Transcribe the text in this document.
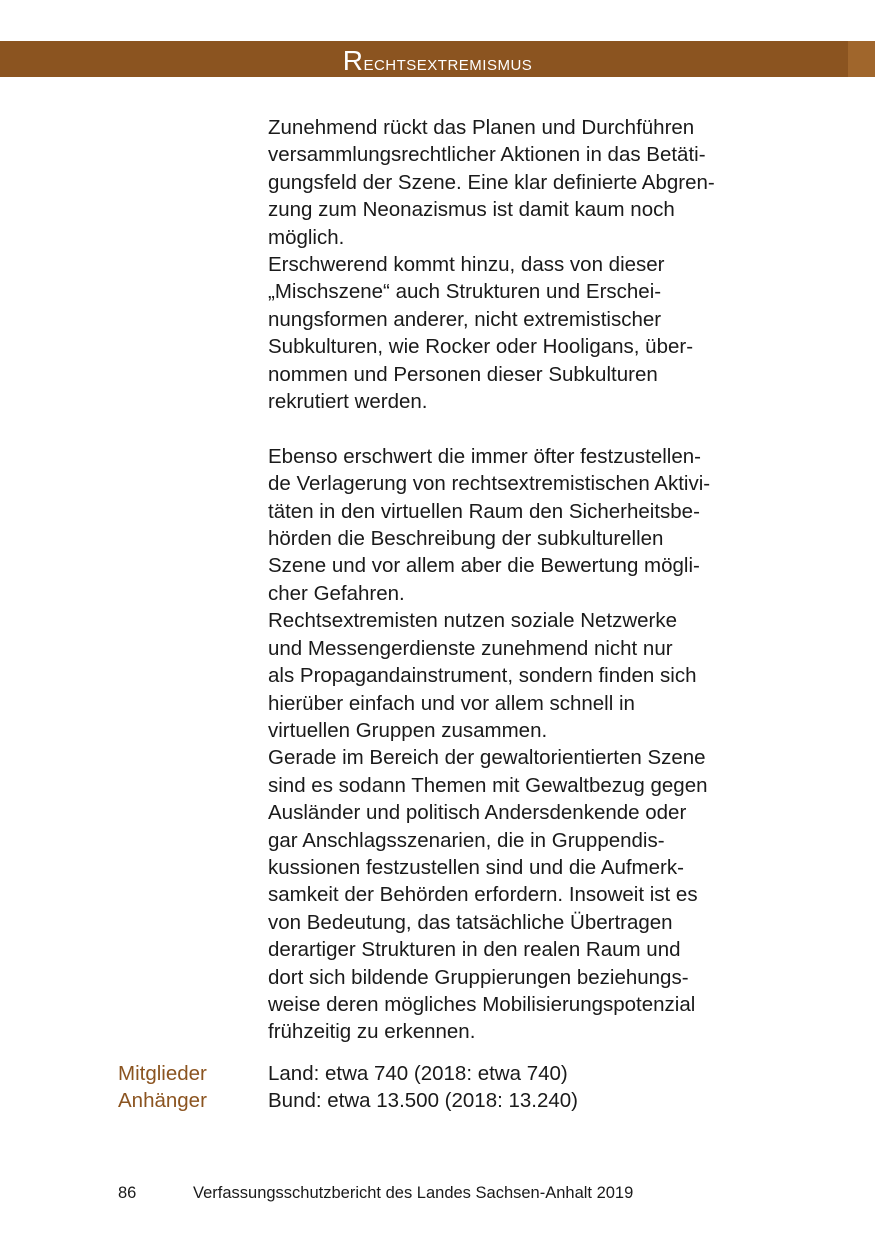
Rechtsextremismus

Zunehmend rückt das Planen und Durchführen

versammlungsrechtlicher Aktionen in das Betäti-

gungsfeld der Szene. Eine klar definierte Abgren-

zung zum Neonazismus ist damit kaum noch

möglich.

Erschwerend kommt hinzu, dass von dieser

„Mischszene“ auch Strukturen und Erschei-

nungsformen anderer, nicht extremistischer

Subkulturen, wie Rocker oder Hooligans, über-

nommen und Personen dieser Subkulturen

rekrutiert werden.

Ebenso erschwert die immer öfter festzustellen-

de Verlagerung von rechtsextremistischen Aktivi-

täten in den virtuellen Raum den Sicherheitsbe-

hörden die Beschreibung der subkulturellen

Szene und vor allem aber die Bewertung mögli-

cher Gefahren.

Rechtsextremisten nutzen soziale Netzwerke

und Messengerdienste zunehmend nicht nur

als Propagandainstrument, sondern finden sich

hierüber einfach und vor allem schnell in

virtuellen Gruppen zusammen.

Gerade im Bereich der gewaltorientierten Szene

sind es sodann Themen mit Gewaltbezug gegen

Ausländer und politisch Andersdenkende oder

gar Anschlagsszenarien, die in Gruppendis-

kussionen festzustellen sind und die Aufmerk-

samkeit der Behörden erfordern. Insoweit ist es

von Bedeutung, das tatsächliche Übertragen

derartiger Strukturen in den realen Raum und

dort sich bildende Gruppierungen beziehungs-

weise deren mögliches Mobilisierungspotenzial

frühzeitig zu erkennen.

Mitglieder
Anhänger
Land: etwa 740 (2018: etwa 740)
Bund: etwa 13.500 (2018: 13.240)
86	Verfassungsschutzbericht des Landes Sachsen-Anhalt 2019
